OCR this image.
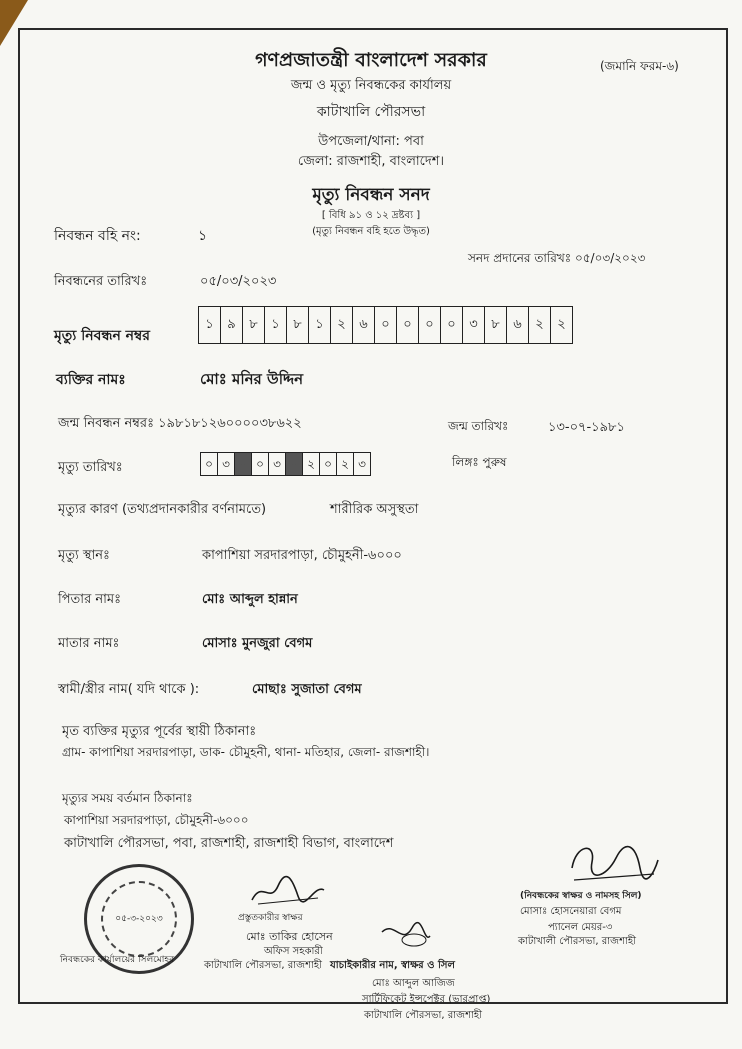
গণপ্রজাতন্ত্রী বাংলাদেশ সরকার	(জমানি ফরম-৬)
জন্ম ও মৃত্যু নিবন্ধকের কার্যালয়
কাটাখালি পৌরসভা
উপজেলা/থানা: পবা
জেলা: রাজশাহী, বাংলাদেশ।
মৃত্যু নিবন্ধন সনদ
[ বিধি ৯১ ও ১২ দ্রষ্টব্য ]
নিবন্ধন বহি নং:	১	(মৃত্যু নিবন্ধন বহি হতে উদ্ধৃত)
সনদ প্রদানের তারিখঃ ০৫/০৩/২০২৩
নিবন্ধনের তারিখঃ	০৫/০৩/২০২৩
মৃত্যু নিবন্ধন নম্বর
১	৯	৮	১	৮	১	২	৬	০	০	০	০	৩	৮	৬	২	২
ব্যক্তির নামঃ	মোঃ মনির উদ্দিন
জন্ম নিবন্ধন নম্বরঃ ১৯৮১৮১২৬০০০০৩৮৬২২	জন্ম তারিখঃ	১৩-০৭-১৯৮১
মৃত্যু তারিখঃ	০ ৩ - ০ ৩ - ২ ০ ২ ৩	লিঙ্গঃ পুরুষ
মৃত্যুর কারণ (তথ্যপ্রদানকারীর বর্ণনামতে)	শারীরিক অসুস্থতা
মৃত্যু স্থানঃ	কাপাশিয়া সরদারপাড়া, চৌমুহনী-৬০০০
পিতার নামঃ	মোঃ আব্দুল হান্নান
মাতার নামঃ	মোসাঃ মুনজুরা বেগম
স্বামী/স্ত্রীর নাম( যদি থাকে ):	মোছাঃ সুজাতা বেগম
মৃত ব্যক্তির মৃত্যুর পূর্বের স্থায়ী ঠিকানাঃ
গ্রাম- কাপাশিয়া সরদারপাড়া, ডাক- চৌমুহনী, থানা- মতিহার, জেলা- রাজশাহী।
মৃত্যুর সময় বর্তমান ঠিকানাঃ
কাপাশিয়া সরদারপাড়া, চৌমুহনী-৬০০০
কাটাখালি পৌরসভা, পবা, রাজশাহী, রাজশাহী বিভাগ, বাংলাদেশ
০৫-৩-২০২৩
নিবন্ধকের কার্যালয়ের সিলমোহর
প্রস্তুতকারীর স্বাক্ষর
মোঃ তাকির হোসেন
অফিস সহকারী
কাটাখালি পৌরসভা, রাজশাহী যাচাইকারীর নাম, স্বাক্ষর ও সিল
মোঃ আব্দুল আজিজ
সার্টিফিকেট ইন্সপেক্টর (ভারপ্রাপ্ত)
কাটাখালি পৌরসভা, রাজশাহী
(নিবন্ধকের স্বাক্ষর ও নামসহ সিল)
মোসাঃ হোসনেয়ারা বেগম
প্যানেল মেয়র-৩
কাটাখালী পৌরসভা, রাজশাহী
